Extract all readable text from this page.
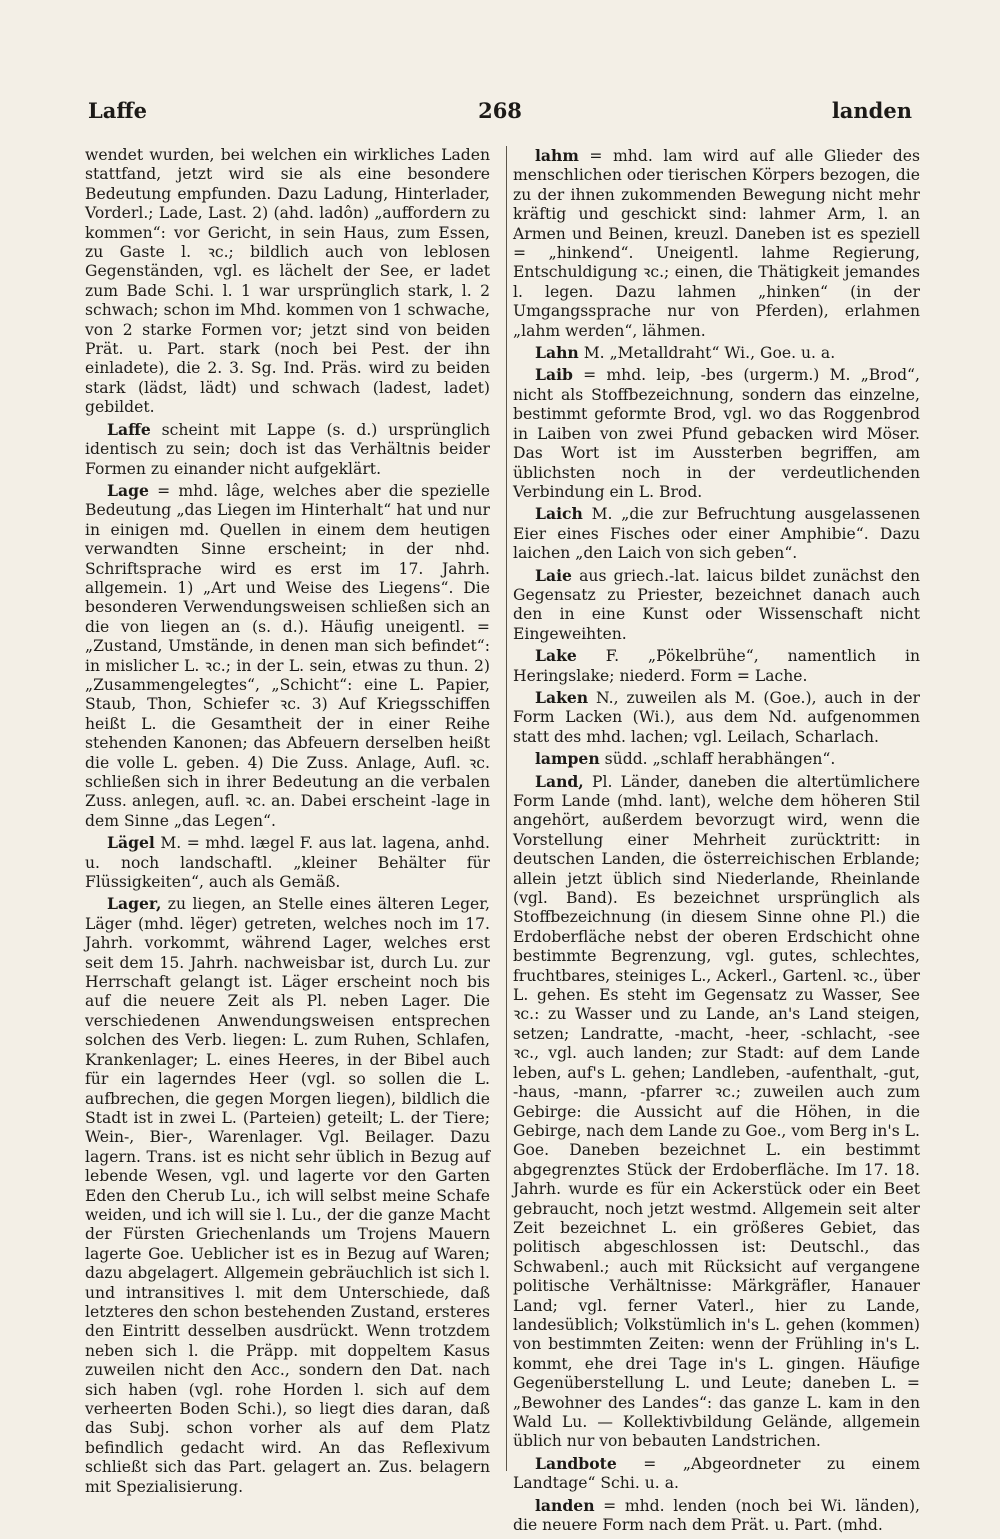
Laffe	268	landen

wendet wurden, bei welchen ein wirkliches Laden stattfand, jetzt wird sie als eine besondere Bedeutung empfunden. Dazu Ladung, Hinterlader, Vorderl.; Lade, Last. 2) (ahd. ladôn) „auffordern zu kommen“: vor Gericht, in sein Haus, zum Essen, zu Gaste l. ꝛc.; bildlich auch von leblosen Gegenständen, vgl. es lächelt der See, er ladet zum Bade Schi. l. 1 war ursprünglich stark, l. 2 schwach; schon im Mhd. kommen von 1 schwache, von 2 starke Formen vor; jetzt sind von beiden Prät. u. Part. stark (noch bei Pest. der ihn einladete), die 2. 3. Sg. Ind. Präs. wird zu beiden stark (lädst, lädt) und schwach (ladest, ladet) gebildet.

Laffe scheint mit Lappe (s. d.) ursprünglich identisch zu sein; doch ist das Verhältnis beider Formen zu einander nicht aufgeklärt.

Lage = mhd. lâge, welches aber die spezielle Bedeutung „das Liegen im Hinterhalt“ hat und nur in einigen md. Quellen in einem dem heutigen verwandten Sinne erscheint; in der nhd. Schriftsprache wird es erst im 17. Jahrh. allgemein. 1) „Art und Weise des Liegens“. Die besonderen Verwendungsweisen schließen sich an die von liegen an (s. d.). Häufig uneigentl. = „Zustand, Umstände, in denen man sich befindet“: in mislicher L. ꝛc.; in der L. sein, etwas zu thun. 2) „Zusammengelegtes“, „Schicht“: eine L. Papier, Staub, Thon, Schiefer ꝛc. 3) Auf Kriegsschiffen heißt L. die Gesamtheit der in einer Reihe stehenden Kanonen; das Abfeuern derselben heißt die volle L. geben. 4) Die Zuss. Anlage, Aufl. ꝛc. schließen sich in ihrer Bedeutung an die verbalen Zuss. anlegen, aufl. ꝛc. an. Dabei erscheint -lage in dem Sinne „das Legen“.

Lägel M. = mhd. lægel F. aus lat. lagena, anhd. u. noch landschaftl. „kleiner Behälter für Flüssigkeiten“, auch als Gemäß.

Lager, zu liegen, an Stelle eines älteren Leger, Läger (mhd. lëger) getreten, welches noch im 17. Jahrh. vorkommt, während Lager, welches erst seit dem 15. Jahrh. nachweisbar ist, durch Lu. zur Herrschaft gelangt ist. Läger erscheint noch bis auf die neuere Zeit als Pl. neben Lager. Die verschiedenen Anwendungsweisen entsprechen solchen des Verb. liegen: L. zum Ruhen, Schlafen, Krankenlager; L. eines Heeres, in der Bibel auch für ein lagerndes Heer (vgl. so sollen die L. aufbrechen, die gegen Morgen liegen), bildlich die Stadt ist in zwei L. (Parteien) geteilt; L. der Tiere; Wein-, Bier-, Warenlager. Vgl. Beilager. Dazu lagern. Trans. ist es nicht sehr üblich in Bezug auf lebende Wesen, vgl. und lagerte vor den Garten Eden den Cherub Lu., ich will selbst meine Schafe weiden, und ich will sie l. Lu., der die ganze Macht der Fürsten Griechenlands um Trojens Mauern lagerte Goe. Ueblicher ist es in Bezug auf Waren; dazu abgelagert. Allgemein gebräuchlich ist sich l. und intransitives l. mit dem Unterschiede, daß letzteres den schon bestehenden Zustand, ersteres den Eintritt desselben ausdrückt. Wenn trotzdem neben sich l. die Präpp. mit doppeltem Kasus zuweilen nicht den Acc., sondern den Dat. nach sich haben (vgl. rohe Horden l. sich auf dem verheerten Boden Schi.), so liegt dies daran, daß das Subj. schon vorher als auf dem Platz befindlich gedacht wird. An das Reflexivum schließt sich das Part. gelagert an. Zus. belagern mit Spezialisierung.

lahm = mhd. lam wird auf alle Glieder des menschlichen oder tierischen Körpers bezogen, die zu der ihnen zukommenden Bewegung nicht mehr kräftig und geschickt sind: lahmer Arm, l. an Armen und Beinen, kreuzl. Daneben ist es speziell = „hinkend“. Uneigentl. lahme Regierung, Entschuldigung ꝛc.; einen, die Thätigkeit jemandes l. legen. Dazu lahmen „hinken“ (in der Umgangssprache nur von Pferden), erlahmen „lahm werden“, lähmen.

Lahn M. „Metalldraht“ Wi., Goe. u. a.

Laib = mhd. leip, -bes (urgerm.) M. „Brod“, nicht als Stoffbezeichnung, sondern das einzelne, bestimmt geformte Brod, vgl. wo das Roggenbrod in Laiben von zwei Pfund gebacken wird Möser. Das Wort ist im Aussterben begriffen, am üblichsten noch in der verdeutlichenden Verbindung ein L. Brod.

Laich M. „die zur Befruchtung ausgelassenen Eier eines Fisches oder einer Amphibie“. Dazu laichen „den Laich von sich geben“.

Laie aus griech.-lat. laicus bildet zunächst den Gegensatz zu Priester, bezeichnet danach auch den in eine Kunst oder Wissenschaft nicht Eingeweihten.

Lake F. „Pökelbrühe“, namentlich in Heringslake; niederd. Form = Lache.

Laken N., zuweilen als M. (Goe.), auch in der Form Lacken (Wi.), aus dem Nd. aufgenommen statt des mhd. lachen; vgl. Leilach, Scharlach.

lampen südd. „schlaff herabhängen“.

Land, Pl. Länder, daneben die altertümlichere Form Lande (mhd. lant), welche dem höheren Stil angehört, außerdem bevorzugt wird, wenn die Vorstellung einer Mehrheit zurücktritt: in deutschen Landen, die österreichischen Erblande; allein jetzt üblich sind Niederlande, Rheinlande (vgl. Band). Es bezeichnet ursprünglich als Stoffbezeichnung (in diesem Sinne ohne Pl.) die Erdoberfläche nebst der oberen Erdschicht ohne bestimmte Begrenzung, vgl. gutes, schlechtes, fruchtbares, steiniges L., Ackerl., Gartenl. ꝛc., über L. gehen. Es steht im Gegensatz zu Wasser, See ꝛc.: zu Wasser und zu Lande, an's Land steigen, setzen; Landratte, -macht, -heer, -schlacht, -see ꝛc., vgl. auch landen; zur Stadt: auf dem Lande leben, auf's L. gehen; Landleben, -aufenthalt, -gut, -haus, -mann, -pfarrer ꝛc.; zuweilen auch zum Gebirge: die Aussicht auf die Höhen, in die Gebirge, nach dem Lande zu Goe., vom Berg in's L. Goe. Daneben bezeichnet L. ein bestimmt abgegrenztes Stück der Erdoberfläche. Im 17. 18. Jahrh. wurde es für ein Ackerstück oder ein Beet gebraucht, noch jetzt westmd. Allgemein seit alter Zeit bezeichnet L. ein größeres Gebiet, das politisch abgeschlossen ist: Deutschl., das Schwabenl.; auch mit Rücksicht auf vergangene politische Verhältnisse: Märkgräfler, Hanauer Land; vgl. ferner Vaterl., hier zu Lande, landesüblich; Volkstümlich in's L. gehen (kommen) von bestimmten Zeiten: wenn der Frühling in's L. kommt, ehe drei Tage in's L. gingen. Häufige Gegenüberstellung L. und Leute; daneben L. = „Bewohner des Landes“: das ganze L. kam in den Wald Lu. — Kollektivbildung Gelände, allgemein üblich nur von bebauten Landstrichen.

Landbote = „Abgeordneter zu einem Landtage“ Schi. u. a.

landen = mhd. lenden (noch bei Wi. länden), die neuere Form nach dem Prät. u. Part. (mhd.
